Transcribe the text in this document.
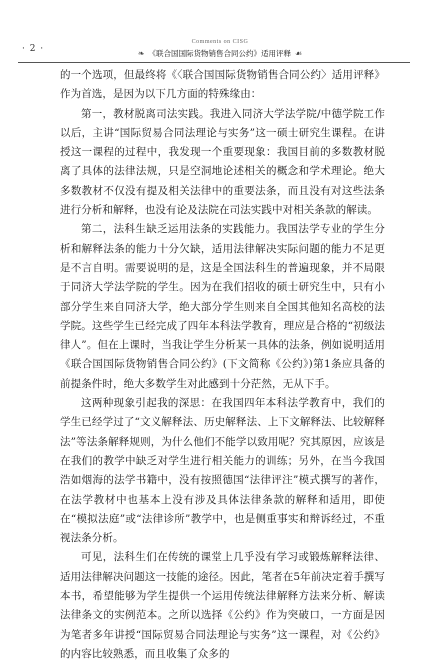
· 2 ·
Comments on CISG
❧ 《联合国国际货物销售合同公约》适用评释 ☙

的一个选项，但最终将《〈联合国国际货物销售合同公约〉适用评释》作为首选，是因为以下几方面的特殊缘由：

第一，教材脱离司法实践。我进入同济大学法学院/中德学院工作以后，主讲“国际贸易合同法理论与实务”这一硕士研究生课程。在讲授这一课程的过程中，我发现一个重要现象：我国目前的多数教材脱离了具体的法律法规，只是空洞地论述相关的概念和学术理论。绝大多数教材不仅没有提及相关法律中的重要法条，而且没有对这些法条进行分析和解释，也没有论及法院在司法实践中对相关条款的解读。

第二，法科生缺乏运用法条的实践能力。我国法学专业的学生分析和解释法条的能力十分欠缺，适用法律解决实际问题的能力不足更是不言自明。需要说明的是，这是全国法科生的普遍现象，并不局限于同济大学法学院的学生。因为在我们招收的硕士研究生中，只有小部分学生来自同济大学，绝大部分学生则来自全国其他知名高校的法学院。这些学生已经完成了四年本科法学教育，理应是合格的“初级法律人”。但在上课时，当我让学生分析某一具体的法条，例如说明适用《联合国国际货物销售合同公约》(下文简称《公约》)第1条应具备的前提条件时，绝大多数学生对此感到十分茫然，无从下手。

这两种现象引起我的深思：在我国四年本科法学教育中，我们的学生已经学过了“文义解释法、历史解释法、上下文解释法、比较解释法”等法条解释规则，为什么他们不能学以致用呢？究其原因，应该是在我们的教学中缺乏对学生进行相关能力的训练；另外，在当今我国浩如烟海的法学书籍中，没有按照德国“法律评注”模式撰写的著作，在法学教材中也基本上没有涉及具体法律条款的解释和适用，即使在“模拟法庭”或“法律诊所”教学中，也是侧重事实和辩诉经过，不重视法条分析。

可见，法科生们在传统的课堂上几乎没有学习或锻炼解释法律、适用法律解决问题这一技能的途径。因此，笔者在5年前决定着手撰写本书，希望能够为学生提供一个运用传统法律解释方法来分析、解读法律条文的实例范本。之所以选择《公约》作为突破口，一方面是因为笔者多年讲授“国际贸易合同法理论与实务”这一课程，对《公约》的内容比较熟悉，而且收集了众多的
